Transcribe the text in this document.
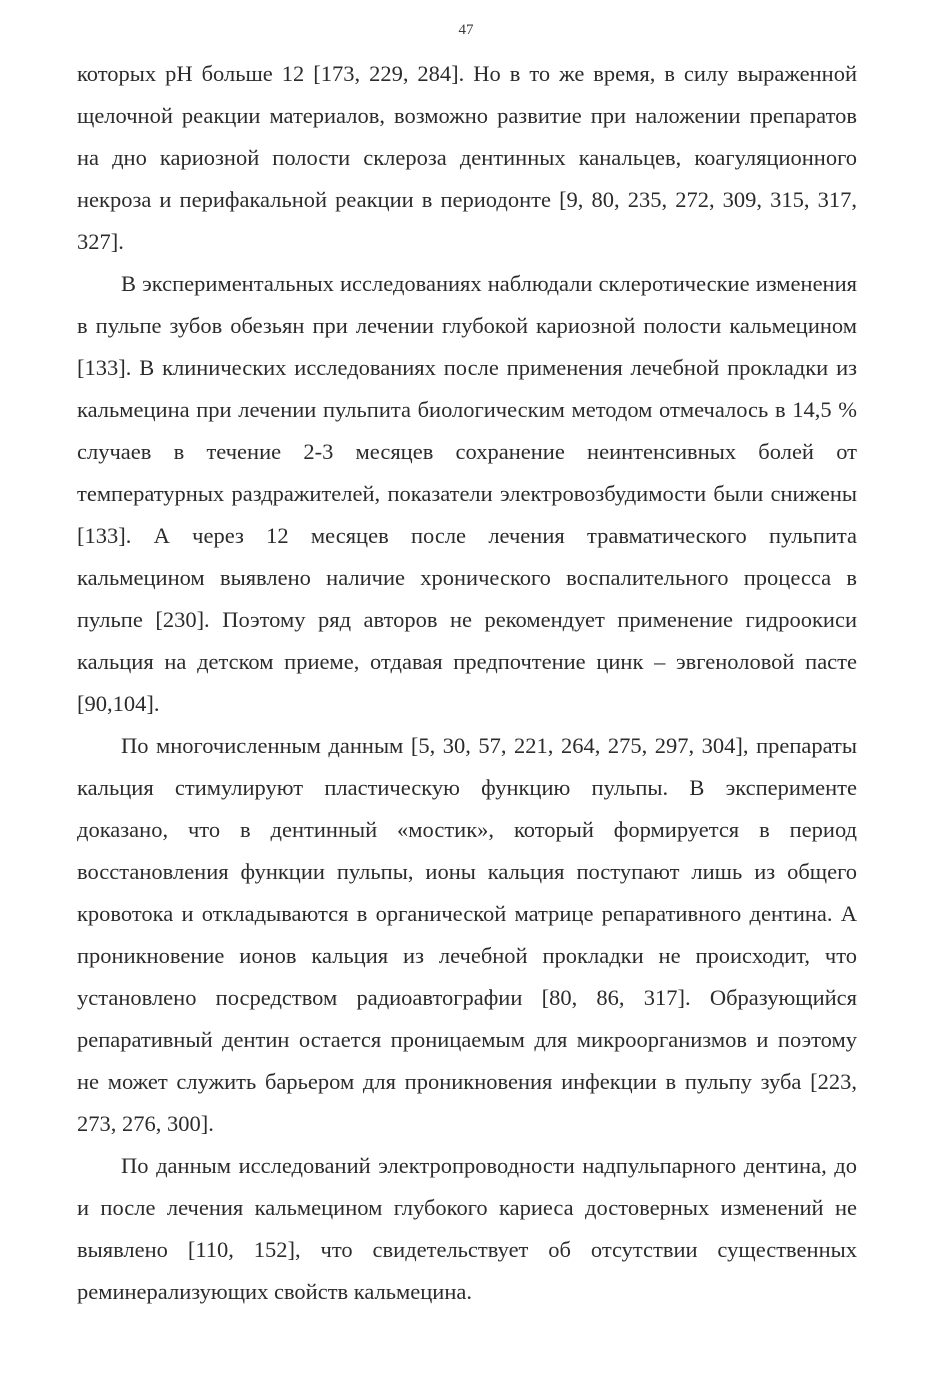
47

которых pH больше 12 [173, 229, 284]. Но в то же время, в силу выраженной щелочной реакции материалов, возможно развитие при наложении препаратов на дно кариозной полости склероза дентинных канальцев, коагуляционного некроза и перифакальной реакции в периодонте [9, 80, 235, 272, 309, 315, 317, 327].

В экспериментальных исследованиях наблюдали склеротические изменения в пульпе зубов обезьян при лечении глубокой кариозной полости кальмецином [133]. В клинических исследованиях после применения лечебной прокладки из кальмецина при лечении пульпита биологическим методом отмечалось в 14,5 % случаев в течение 2-3 месяцев сохранение неинтенсивных болей от температурных раздражителей, показатели электровозбудимости были снижены [133]. А через 12 месяцев после лечения травматического пульпита кальмецином выявлено наличие хронического воспалительного процесса в пульпе [230]. Поэтому ряд авторов не рекомендует применение гидроокиси кальция на детском приеме, отдавая предпочтение цинк – эвгеноловой пасте [90,104].

По многочисленным данным [5, 30, 57, 221, 264, 275, 297, 304], препараты кальция стимулируют пластическую функцию пульпы. В эксперименте доказано, что в дентинный «мостик», который формируется в период восстановления функции пульпы, ионы кальция поступают лишь из общего кровотока и откладываются в органической матрице репаративного дентина. А проникновение ионов кальция из лечебной прокладки не происходит, что установлено посредством радиоавтографии [80, 86, 317]. Образующийся репаративный дентин остается проницаемым для микроорганизмов и поэтому не может служить барьером для проникновения инфекции в пульпу зуба [223, 273, 276, 300].

По данным исследований электропроводности надпульпарного дентина, до и после лечения кальмецином глубокого кариеса достоверных изменений не выявлено [110, 152], что свидетельствует об отсутствии существенных реминерализующих свойств кальмецина.
